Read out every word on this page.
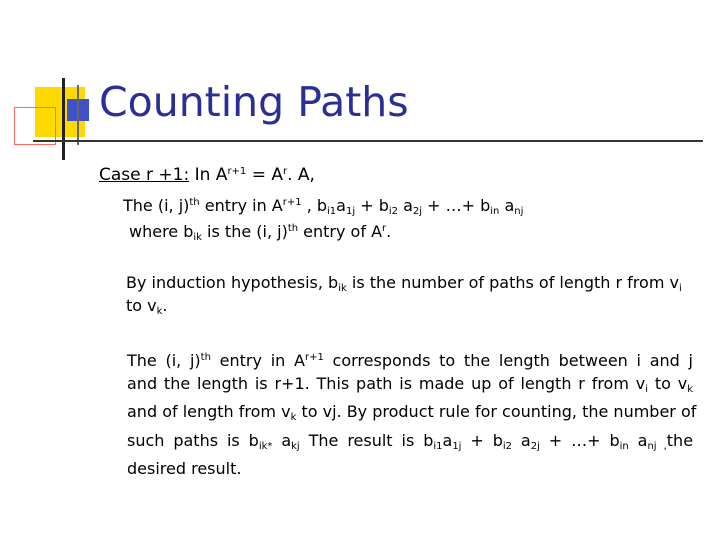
Counting Paths
Case r +1: In $A^{r+1} = A^r$. A,
The (i, j)$^{th}$ entry in $A^{r+1}$ , $b_{i1}a_{1j} + b_{i2}$ $a_{2j}$ + …+ $b_{in}$ $a_{nj}$
where $b_{ik}$ is the (i, j)$^{th}$ entry of $A^r$.
By induction hypothesis, $b_{ik}$ is the number of paths of length r from $v_i$
to $v_k$.
The (i, j)$^{th}$ entry in $A^{r+1}$ corresponds to the length between i and j
and the length is r+1. This path is made up of length r from $v_i$ to $v_k$
and of length from $v_k$ to vj. By product rule for counting, the number of
such paths is $b_{ik*}$ $a_{kj}$ The result is $b_{i1}a_{1j} + b_{i2}$ $a_{2j}$ + …+ $b_{in}$ $a_{nj ,}the$
desired result.
